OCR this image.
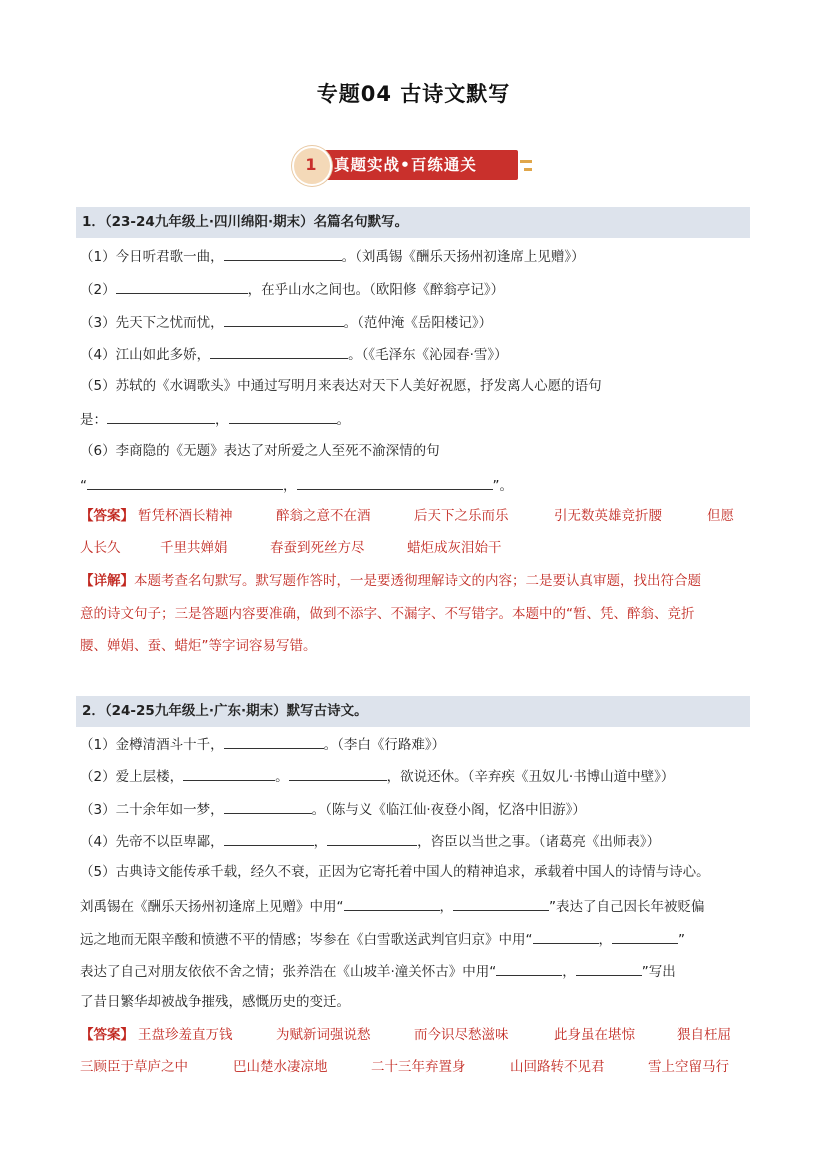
专题04 古诗文默写
1	真题实战•百练通关
1．（23-24九年级上·四川绵阳·期末）名篇名句默写。
（1）今日听君歌一曲，	。（刘禹锡《酬乐天扬州初逢席上见赠》）
（2）	，在乎山水之间也。（欧阳修《醉翁亭记》）
（3）先天下之忧而忧，	。（范仲淹《岳阳楼记》）
（4）江山如此多娇，	。（《毛泽东《沁园春·雪》）
（5）苏轼的《水调歌头》中通过写明月来表达对天下人美好祝愿，抒发离人心愿的语句
是：	，	。
（6）李商隐的《无题》表达了对所爱之人至死不渝深情的句
“	，	”。
【答案】 暂凭杯酒长精神	醉翁之意不在酒	后天下之乐而乐	引无数英雄竞折腰	但愿
人长久	千里共婵娟	春蚕到死丝方尽	蜡炬成灰泪始干
【详解】本题考查名句默写。默写题作答时，一是要透彻理解诗文的内容；二是要认真审题，找出符合题
意的诗文句子；三是答题内容要准确，做到不添字、不漏字、不写错字。本题中的“暂、凭、醉翁、竞折
腰、婵娟、蚕、蜡炬”等字词容易写错。
2．（24-25九年级上·广东·期末）默写古诗文。
（1）金樽清酒斗十千，	。（李白《行路难》）
（2）爱上层楼，	。	，欲说还休。（辛弃疾《丑奴儿·书博山道中壁》）
（3）二十余年如一梦，	。（陈与义《临江仙·夜登小阁，忆洛中旧游》）
（4）先帝不以臣卑鄙，	，	，咨臣以当世之事。（诸葛亮《出师表》）
（5）古典诗文能传承千载，经久不衰，正因为它寄托着中国人的精神追求，承载着中国人的诗情与诗心。
刘禹锡在《酬乐天扬州初逢席上见赠》中用“	，	”表达了自己因长年被贬偏
远之地而无限辛酸和愤懑不平的情感；岑参在《白雪歌送武判官归京》中用“	，	”
表达了自己对朋友依依不舍之情；张养浩在《山坡羊·潼关怀古》中用“	，	”写出
了昔日繁华却被战争摧残，感慨历史的变迁。
【答案】 王盘珍羞直万钱	为赋新词强说愁	而今识尽愁滋味	此身虽在堪惊	猥自枉屈
三顾臣于草庐之中	巴山楚水凄凉地	二十三年弃置身	山回路转不见君	雪上空留马行
